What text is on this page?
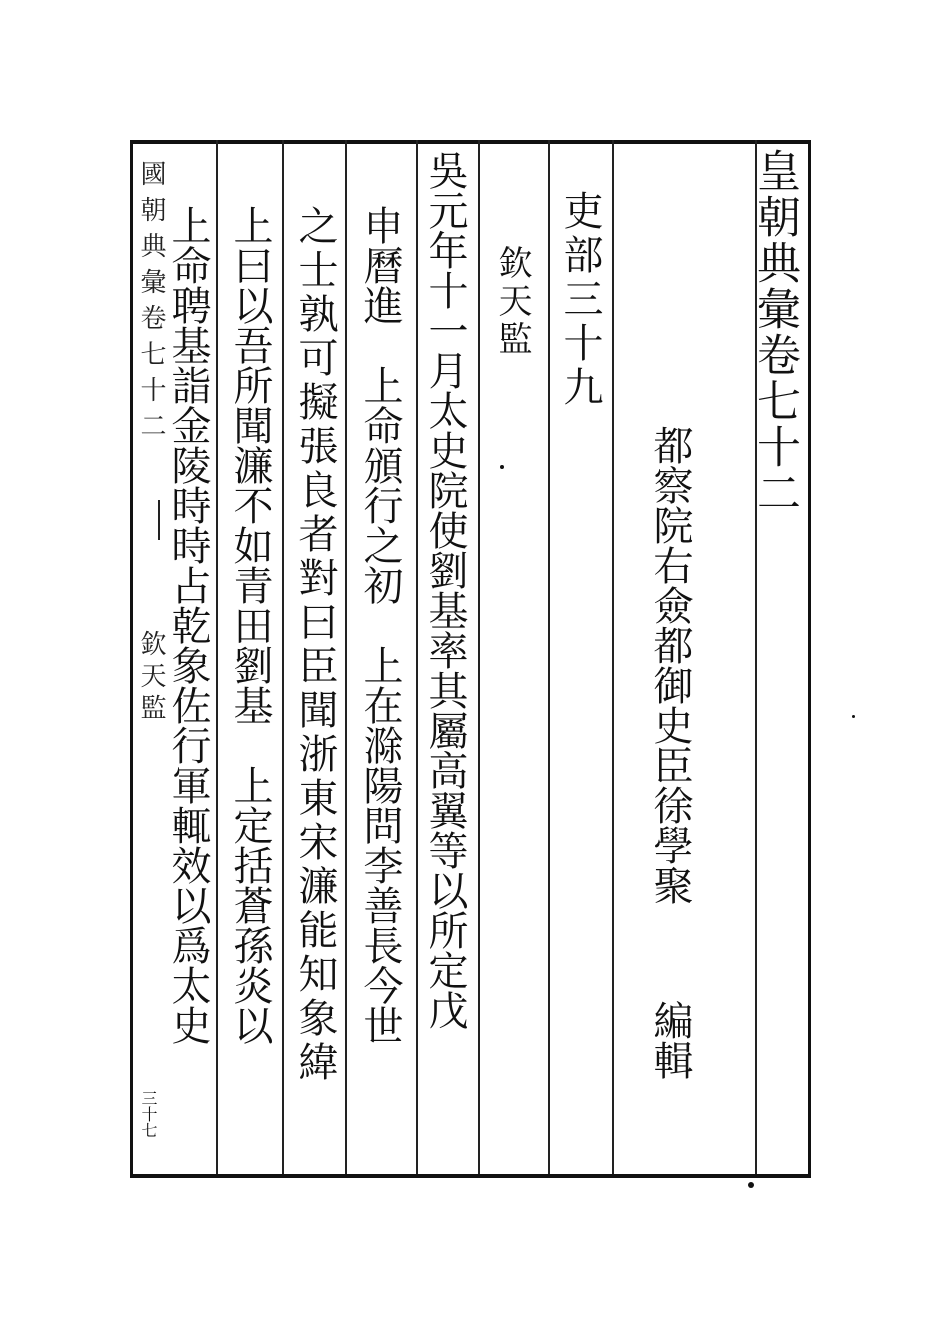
皇朝典彙卷七十二
都察院右僉都御史臣徐學聚
編輯
吏部三十九
欽天監
吳元年十一月太史院使劉基率其屬高翼等以所定戊
申曆進　上命頒行之初　上在滁陽問李善長今世
之士孰可擬張良者對曰臣聞浙東宋濂能知象緯
上曰以吾所聞濂不如青田劉基　上定括蒼孫炎以
上命聘基詣金陵時時占乾象佐行軍輒效以爲太史
國朝典彙卷七十二
欽天監
三十七
